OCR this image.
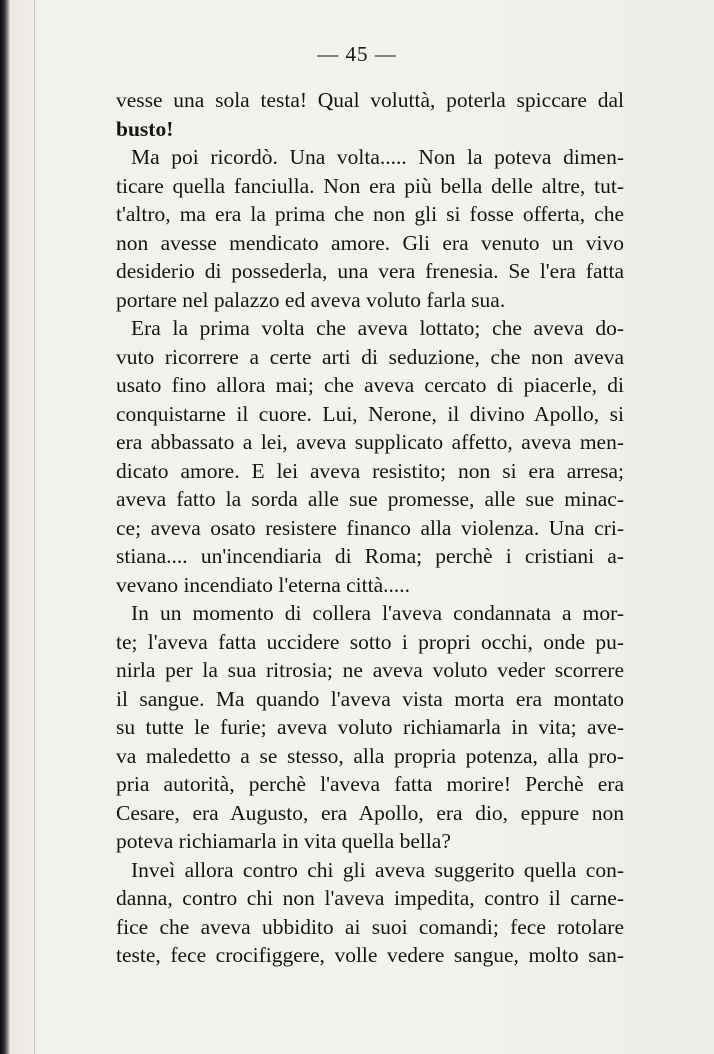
— 45 —
vesse una sola testa! Qual voluttà, poterla spiccare dal
busto!
Ma poi ricordò. Una volta..... Non la poteva dimen-
ticare quella fanciulla. Non era più bella delle altre, tut-
t'altro, ma era la prima che non gli si fosse offerta, che
non avesse mendicato amore. Gli era venuto un vivo
desiderio di possederla, una vera frenesia. Se l'era fatta
portare nel palazzo ed aveva voluto farla sua.
Era la prima volta che aveva lottato; che aveva do-
vuto ricorrere a certe arti di seduzione, che non aveva
usato fino allora mai; che aveva cercato di piacerle, di
conquistarne il cuore. Lui, Nerone, il divino Apollo, si
era abbassato a lei, aveva supplicato affetto, aveva men-
dicato amore. E lei aveva resistito; non si era arresa;
aveva fatto la sorda alle sue promesse, alle sue minac-
ce; aveva osato resistere financo alla violenza. Una cri-
stiana.... un'incendiaria di Roma; perchè i cristiani a-
vevano incendiato l'eterna città.....
In un momento di collera l'aveva condannata a mor-
te; l'aveva fatta uccidere sotto i propri occhi, onde pu-
nirla per la sua ritrosia; ne aveva voluto veder scorrere
il sangue. Ma quando l'aveva vista morta era montato
su tutte le furie; aveva voluto richiamarla in vita; ave-
va maledetto a se stesso, alla propria potenza, alla pro-
pria autorità, perchè l'aveva fatta morire! Perchè era
Cesare, era Augusto, era Apollo, era dio, eppure non
poteva richiamarla in vita quella bella?
Inveì allora contro chi gli aveva suggerito quella con-
danna, contro chi non l'aveva impedita, contro il carne-
fice che aveva ubbidito ai suoi comandi; fece rotolare
teste, fece crocifiggere, volle vedere sangue, molto san-
